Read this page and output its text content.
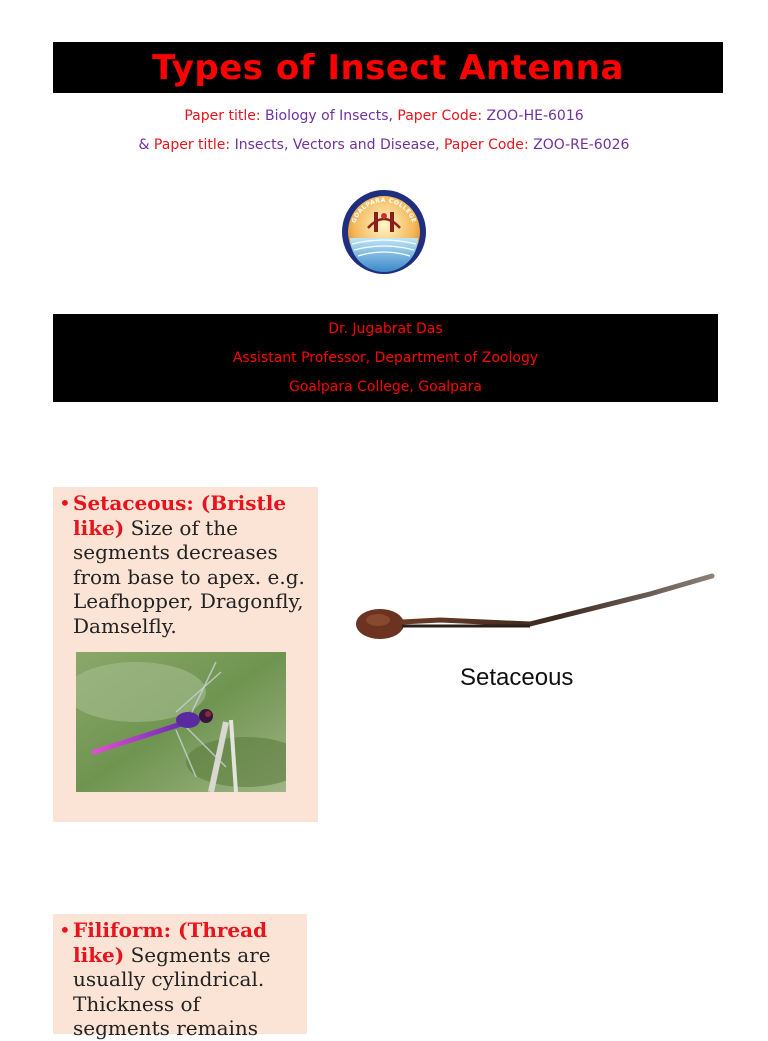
Types of Insect Antenna
Paper title: Biology of Insects, Paper Code: ZOO-HE-6016
& Paper title: Insects, Vectors and Disease, Paper Code: ZOO-RE-6026
GOALPARA COLLEGE
Dr. Jugabrat Das
Assistant Professor, Department of Zoology
Goalpara College, Goalpara
• Setaceous: (Bristle like) Size of the segments decreases from base to apex. e.g. Leafhopper, Dragonfly, Damselfly.
Setaceous
• Filiform: (Thread like) Segments are usually cylindrical. Thickness of segments remains
